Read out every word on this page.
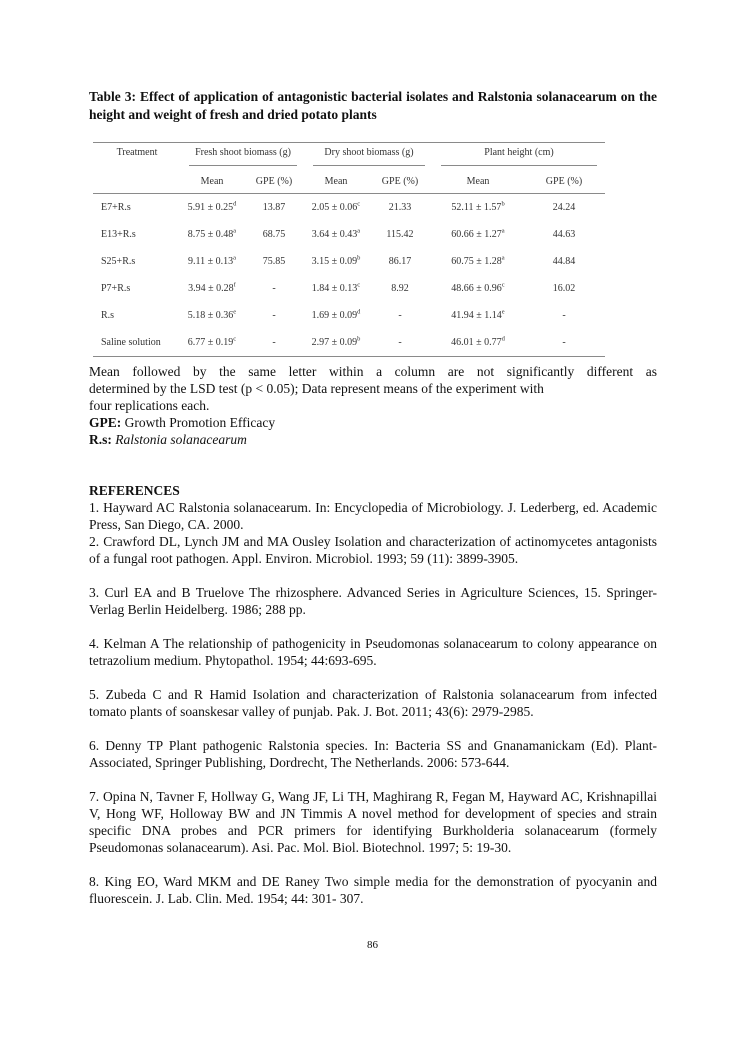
Table 3: Effect of application of antagonistic bacterial isolates and Ralstonia solanacearum on the height and weight of fresh and dried potato plants

Treatment	Fresh shoot biomass (g)		Dry shoot biomass (g)		Plant height (cm)	

	Mean	GPE (%)	Mean	GPE (%)	Mean	GPE (%)
E7+R.s	5.91 ± 0.25$^d$	13.87	2.05 ± 0.06$^c$	21.33	52.11 ± 1.57$^b$	24.24
E13+R.s	8.75 ± 0.48$^a$	68.75	3.64 ± 0.43$^a$	115.42	60.66 ± 1.27$^a$	44.63
S25+R.s	9.11 ± 0.13$^a$	75.85	3.15 ± 0.09$^b$	86.17	60.75 ± 1.28$^a$	44.84
P7+R.s	3.94 ± 0.28$^f$	-	1.84 ± 0.13$^c$	8.92	48.66 ± 0.96$^c$	16.02
R.s	5.18 ± 0.36$^e$	-	1.69 ± 0.09$^d$	-	41.94 ± 1.14$^e$	-
Saline solution	6.77 ± 0.19$^c$	-	2.97 ± 0.09$^b$	-	46.01 ± 0.77$^d$	-

Mean followed by the same letter within a column are not significantly different as

determined by the LSD test (p < 0.05); Data represent means of the experiment with

four replications each.

GPE: Growth Promotion Efficacy

R.s: Ralstonia solanacearum

REFERENCES

1. Hayward AC Ralstonia solanacearum. In: Encyclopedia of Microbiology. J. Lederberg, ed. Academic Press, San Diego, CA. 2000.

2. Crawford DL, Lynch JM and MA Ousley Isolation and characterization of actinomycetes antagonists of a fungal root pathogen. Appl. Environ. Microbiol. 1993; 59 (11): 3899-3905.

3. Curl EA and B Truelove The rhizosphere. Advanced Series in Agriculture Sciences, 15. Springer-Verlag Berlin Heidelberg. 1986; 288 pp.

4. Kelman A The relationship of pathogenicity in Pseudomonas solanacearum to colony appearance on tetrazolium medium. Phytopathol. 1954; 44:693-695.

5. Zubeda C and R Hamid Isolation and characterization of Ralstonia solanacearum from infected tomato plants of soanskesar valley of punjab. Pak. J. Bot. 2011; 43(6): 2979-2985.

6. Denny TP Plant pathogenic Ralstonia species. In: Bacteria SS and Gnanamanickam (Ed). Plant-Associated, Springer Publishing, Dordrecht, The Netherlands. 2006: 573-644.

7. Opina N, Tavner F, Hollway G, Wang JF, Li TH, Maghirang R, Fegan M, Hayward AC, Krishnapillai V, Hong WF, Holloway BW and JN Timmis A novel method for development of species and strain specific DNA probes and PCR primers for identifying Burkholderia solanacearum (formely Pseudomonas solanacearum). Asi. Pac. Mol. Biol. Biotechnol. 1997; 5: 19-30.

8. King EO, Ward MKM and DE Raney Two simple media for the demonstration of pyocyanin and fluorescein. J. Lab. Clin. Med. 1954; 44: 301- 307.

86
